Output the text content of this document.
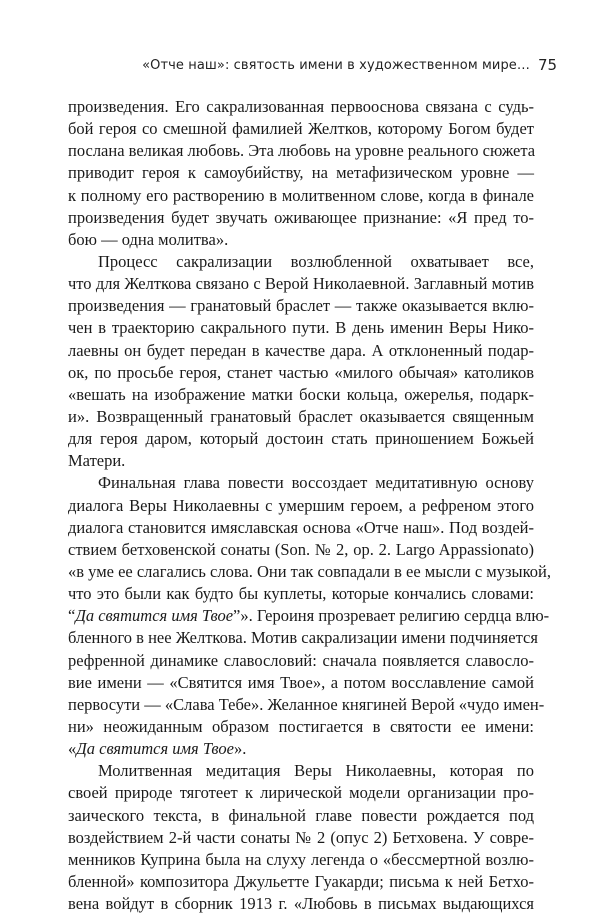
«Отче наш»: святость имени в художественном мире… 75
произведения. Его сакрализованная первооснова связана с судь-
бой героя со смешной фамилией Желтков, которому Богом будет
послана великая любовь. Эта любовь на уровне реального сюжета
приводит героя к самоубийству, на метафизическом уровне —
к полному его растворению в молитвенном слове, когда в финале
произведения будет звучать оживающее признание: «Я пред то-
бою — одна молитва».
Процесс сакрализации возлюбленной охватывает все,
что для Желткова связано с Верой Николаевной. Заглавный мотив
произведения — гранатовый браслет — также оказывается вклю-
чен в траекторию сакрального пути. В день именин Веры Нико-
лаевны он будет передан в качестве дара. А отклоненный подар-
ок, по просьбе героя, станет частью «милого обычая» католиков
«вешать на изображение матки боски кольца, ожерелья, подарк-
и». Возвращенный гранатовый браслет оказывается священным
для героя даром, который достоин стать приношением Божьей
Матери.
Финальная глава повести воссоздает медитативную основу
диалога Веры Николаевны с умершим героем, а рефреном этого
диалога становится имяславская основа «Отче наш». Под воздей-
ствием бетховенской сонаты (Son. № 2, op. 2. Largo Appassionato)
«в уме ее слагались слова. Они так совпадали в ее мысли с музыкой,
что это были как будто бы куплеты, которые кончались словами:
“Да святится имя Твое”». Героиня прозревает религию сердца влю-
бленного в нее Желткова. Мотив сакрализации имени подчиняется
рефренной динамике славословий: сначала появляется славосло-
вие имени — «Святится имя Твое», а потом восславление самой
первосути — «Слава Тебе». Желанное княгиней Верой «чудо имен-
ни» неожиданным образом постигается в святости ее имени:
«Да святится имя Твое».
Молитвенная медитация Веры Николаевны, которая по
своей природе тяготеет к лирической модели организации про-
заического текста, в финальной главе повести рождается под
воздействием 2-й части сонаты № 2 (опус 2) Бетховена. У совре-
менников Куприна была на слуху легенда о «бессмертной возлю-
бленной» композитора Джульетте Гуакарди; письма к ней Бетхо-
вена войдут в сборник 1913 г. «Любовь в письмах выдающихся
